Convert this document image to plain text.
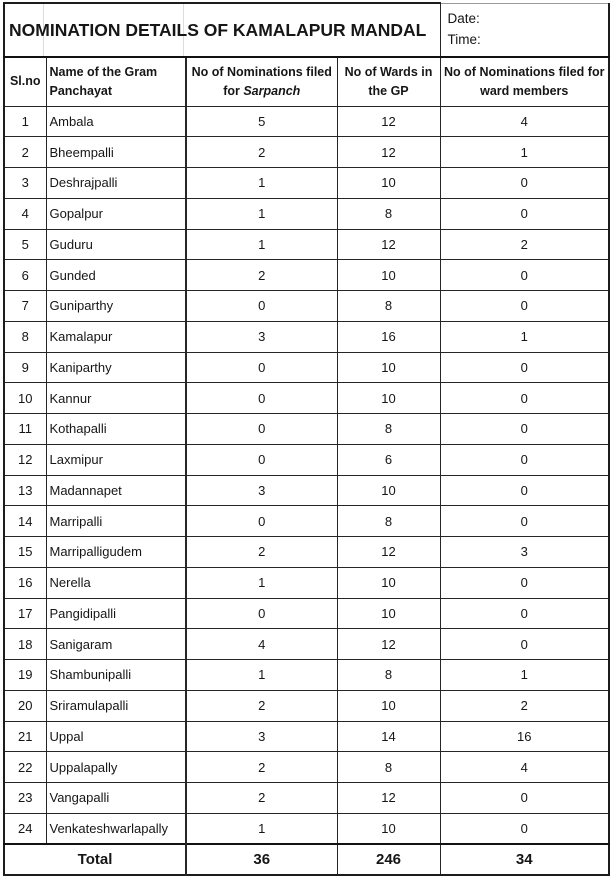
NOMINATION DETAILS OF KAMALAPUR MANDAL				Date:
Time:

Sl.no	Name of the Gram Panchayat	No of Nominations filed for Sarpanch	No of Wards in the GP	No of Nominations filed for ward members
1	Ambala	5	12	4
2	Bheempalli	2	12	1
3	Deshrajpalli	1	10	0
4	Gopalpur	1	8	0
5	Guduru	1	12	2
6	Gunded	2	10	0
7	Guniparthy	0	8	0
8	Kamalapur	3	16	1
9	Kaniparthy	0	10	0
10	Kannur	0	10	0
11	Kothapalli	0	8	0
12	Laxmipur	0	6	0
13	Madannapet	3	10	0
14	Marripalli	0	8	0
15	Marripalligudem	2	12	3
16	Nerella	1	10	0
17	Pangidipalli	0	10	0
18	Sanigaram	4	12	0
19	Shambunipalli	1	8	1
20	Sriramulapalli	2	10	2
21	Uppal	3	14	16
22	Uppalapally	2	8	4
23	Vangapalli	2	12	0
24	Venkateshwarlapally	1	10	0
Total		36	246	34
